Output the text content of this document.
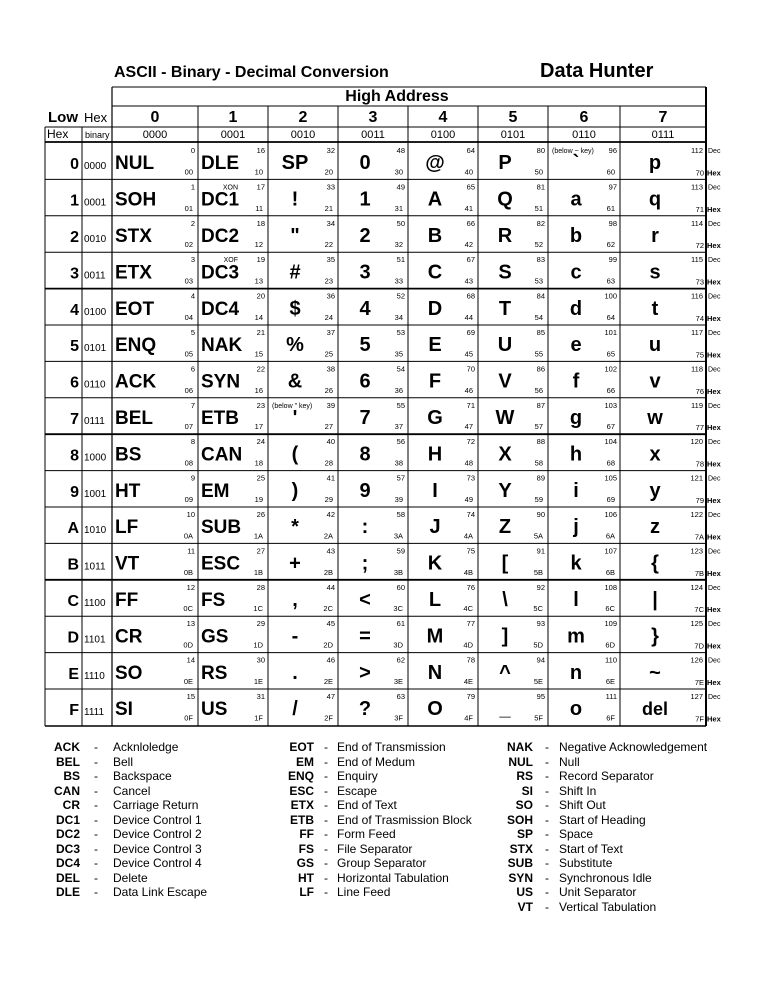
ASCII - Binary - Decimal Conversion	Data Hunter
High Address
Low Hex
Hex binary
0
0000
1
0001
2
0010
3
0011
4
0100
5
0101
6
0110
7
0111
0 0000
0
00
NUL
16
10
DLE
32
20
SP
48
30
0
64
40
@
80
50
P
96
60
`
112
70
p
Dec
Hex
1 0001
1
01
SOH
17
11
DC1
33
21
!
49
31
1
65
41
A
81
51
Q
97
61
a
113
71
q
Dec
Hex
2 0010
2
02
STX
18
12
DC2
34
22
"
50
32
2
66
42
B
82
52
R
98
62
b
114
72
r
Dec
Hex
3 0011
3
03
ETX
19
13
DC3
35
23
#
51
33
3
67
43
C
83
53
S
99
63
c
115
73
s
Dec
Hex
4 0100
4
04
EOT
20
14
DC4
36
24
$
52
34
4
68
44
D
84
54
T
100
64
d
116
74
t
Dec
Hex
5 0101
5
05
ENQ
21
15
NAK
37
25
%
53
35
5
69
45
E
85
55
U
101
65
e
117
75
u
Dec
Hex
6 0110
6
06
ACK
22
16
SYN
38
26
&
54
36
6
70
46
F
86
56
V
102
66
f
118
76
v
Dec
Hex
7 0111
7
07
BEL
23
17
ETB
39
27
'
55
37
7
71
47
G
87
57
W
103
67
g
119
77
w
Dec
Hex
8 1000
8
08
BS
24
18
CAN
40
28
(
56
38
8
72
48
H
88
58
X
104
68
h
120
78
x
Dec
Hex
9 1001
9
09
HT
25
19
EM
41
29
)
57
39
9
73
49
I
89
59
Y
105
69
i
121
79
y
Dec
Hex
A 1010
10
0A
LF
26
1A
SUB
42
2A
*
58
3A
:
74
4A
J
90
5A
Z
106
6A
j
122
7A
z
Dec
Hex
B 1011
11
0B
VT
27
1B
ESC
43
2B
+
59
3B
;
75
4B
K
91
5B
[
107
6B
k
123
7B
{
Dec
Hex
C 1100
12
0C
FF
28
1C
FS
44
2C
,
60
3C
<
76
4C
L
92
5C
\
108
6C
l
124
7C
|
Dec
Hex
D 1101
13
0D
CR
29
1D
GS
45
2D
-
61
3D
=
77
4D
M
93
5D
]
109
6D
m
125
7D
}
Dec
Hex
E 1110
14
0E
SO
30
1E
RS
46
2E
.
62
3E
>
78
4E
N
94
5E
^
110
6E
n
126
7E
~
Dec
Hex
F 1111
15
0F
SI
31
1F
US
47
2F
/
63
3F
?
79
4F
O
95
5F
_
111
6F
o
127
7F
del
Dec
Hex
XON
XOF
(below ~ key)
(below " key)
ACK - Acknloledge
BEL - Bell
BS - Backspace
CAN - Cancel
CR - Carriage Return
DC1 - Device Control 1
DC2 - Device Control 2
DC3 - Device Control 3
DC4 - Device Control 4
DEL - Delete
DLE - Data Link Escape
EOT - End of Transmission
EM - End of Medum
ENQ - Enquiry
ESC - Escape
ETX - End of Text
ETB - End of Trasmission Block
FF - Form Feed
FS - File Separator
GS - Group Separator
HT - Horizontal Tabulation
LF - Line Feed
NAK - Negative Acknowledgement
NUL - Null
RS - Record Separator
SI - Shift In
SO - Shift Out
SOH - Start of Heading
SP - Space
STX - Start of Text
SUB - Substitute
SYN - Synchronous Idle
US - Unit Separator
VT - Vertical Tabulation
